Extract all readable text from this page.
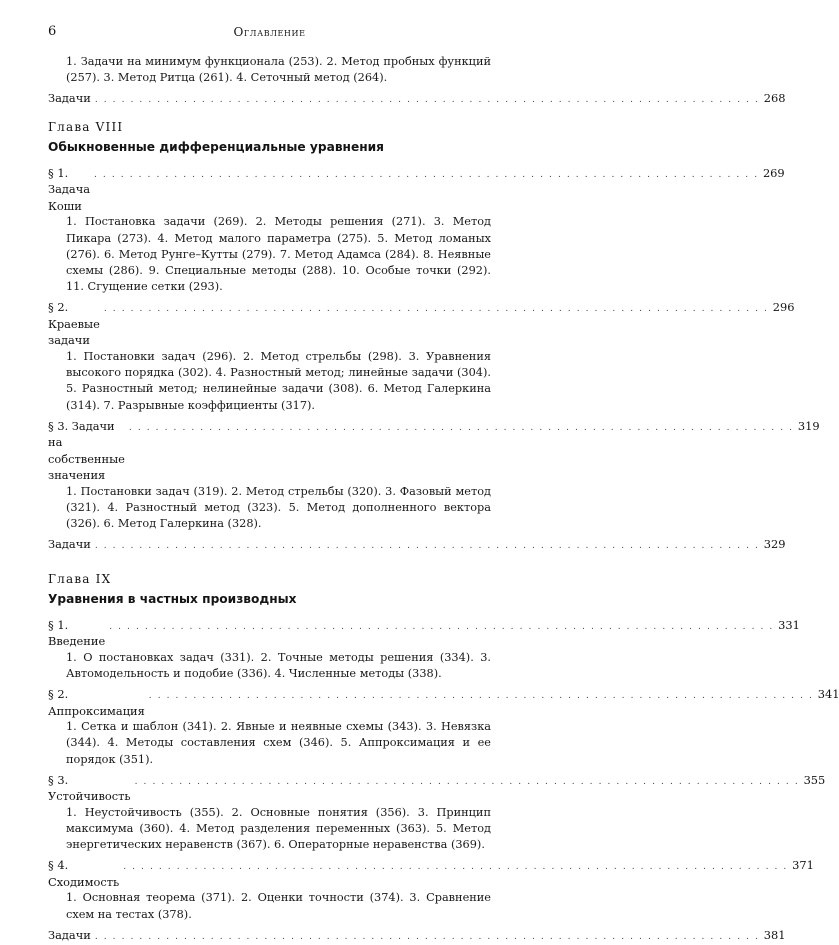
6	Оглавление

1. Задачи на минимум функционала (253). 2. Метод пробных функций (257). 3. Метод Ритца (261). 4. Сеточный метод (264).

Задачи . . . . . . . . . . . . . . . . . . . . . . . . . . . . . . . . . . . . . . . . . . . . . . . . . . . . . . . . . . . . . . . . . . . . . . . . . . . 268
Глава VIII
Обыкновенные дифференциальные уравнения
§ 1. Задача Коши
. . . . . . . . . . . . . . . . . . . . . . . . . . . . . . . . . . . . . . . . . . . . . . . . . . . . . . . . . . . . . . . . . . . . . . . . . . . 269

1. Постановка задачи (269). 2. Методы решения (271). 3. Метод Пикара (273). 4. Метод малого параметра (275). 5. Метод ломаных (276). 6. Метод Рунге–Кутты (279). 7. Метод Адамса (284). 8. Неявные схемы (286). 9. Специальные методы (288). 10. Особые точки (292). 11. Сгущение сетки (293).

§ 2. Краевые задачи
. . . . . . . . . . . . . . . . . . . . . . . . . . . . . . . . . . . . . . . . . . . . . . . . . . . . . . . . . . . . . . . . . . . . . . . . . . . 296

1. Постановки задач (296). 2. Метод стрельбы (298). 3. Уравнения высокого порядка (302). 4. Разностный метод; линейные задачи (304). 5. Разностный метод; нелинейные задачи (308). 6. Метод Галеркина (314). 7. Разрывные коэффициенты (317).

§ 3. Задачи на собственные значения
. . . . . . . . . . . . . . . . . . . . . . . . . . . . . . . . . . . . . . . . . . . . . . . . . . . . . . . . . . . . . . . . . . . . . . . . . . . 319

1. Постановки задач (319). 2. Метод стрельбы (320). 3. Фазовый метод (321). 4. Разностный метод (323). 5. Метод дополненного вектора (326). 6. Метод Галеркина (328).

Задачи . . . . . . . . . . . . . . . . . . . . . . . . . . . . . . . . . . . . . . . . . . . . . . . . . . . . . . . . . . . . . . . . . . . . . . . . . . . 329
Глава IX
Уравнения в частных производных
§ 1. Введение
. . . . . . . . . . . . . . . . . . . . . . . . . . . . . . . . . . . . . . . . . . . . . . . . . . . . . . . . . . . . . . . . . . . . . . . . . . . 331

1. О постановках задач (331). 2. Точные методы решения (334). 3. Автомодельность и подобие (336). 4. Численные методы (338).

§ 2. Аппроксимация
. . . . . . . . . . . . . . . . . . . . . . . . . . . . . . . . . . . . . . . . . . . . . . . . . . . . . . . . . . . . . . . . . . . . . . . . . . . 341

1. Сетка и шаблон (341). 2. Явные и неявные схемы (343). 3. Невязка (344). 4. Методы составления схем (346). 5. Аппроксимация и ее порядок (351).

§ 3. Устойчивость
. . . . . . . . . . . . . . . . . . . . . . . . . . . . . . . . . . . . . . . . . . . . . . . . . . . . . . . . . . . . . . . . . . . . . . . . . . . 355

1. Неустойчивость (355). 2. Основные понятия (356). 3. Принцип максимума (360). 4. Метод разделения переменных (363). 5. Метод энергетических неравенств (367). 6. Операторные неравенства (369).

§ 4. Сходимость
. . . . . . . . . . . . . . . . . . . . . . . . . . . . . . . . . . . . . . . . . . . . . . . . . . . . . . . . . . . . . . . . . . . . . . . . . . . 371

1. Основная теорема (371). 2. Оценки точности (374). 3. Сравнение схем на тестах (378).

Задачи . . . . . . . . . . . . . . . . . . . . . . . . . . . . . . . . . . . . . . . . . . . . . . . . . . . . . . . . . . . . . . . . . . . . . . . . . . . 381
